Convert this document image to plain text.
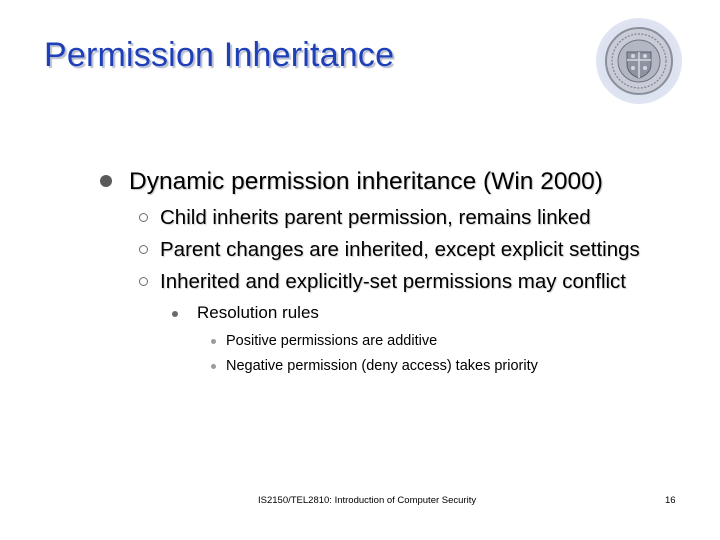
Permission Inheritance
Dynamic permission inheritance (Win 2000)
Child inherits parent permission, remains linked
Parent changes are inherited, except explicit settings
Inherited and explicitly-set permissions may conflict
Resolution rules
Positive permissions are additive
Negative permission (deny access) takes priority
IS2150/TEL2810: Introduction of Computer Security	16
